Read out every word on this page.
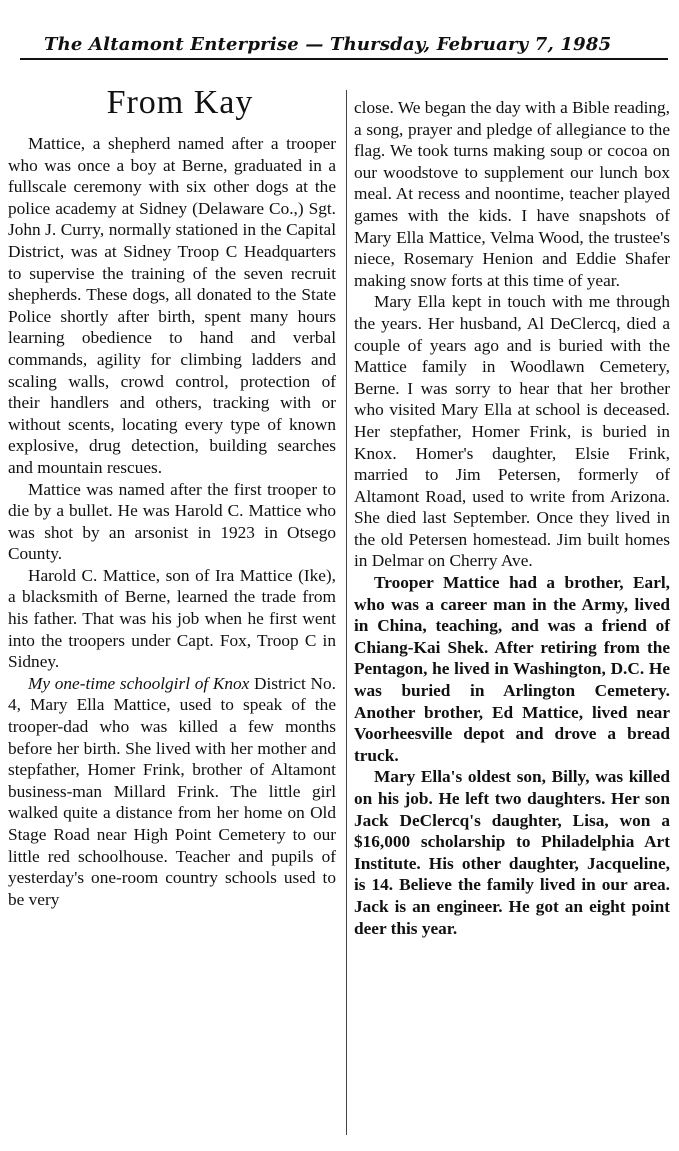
The Altamont Enterprise — Thursday, February 7, 1985
From Kay

Mattice, a shepherd named after a trooper who was once a boy at Berne, graduated in a fullscale ceremony with six other dogs at the police academy at Sidney (Delaware Co.,) Sgt. John J. Curry, normally stationed in the Capital District, was at Sidney Troop C Headquarters to supervise the training of the seven recruit shepherds. These dogs, all donated to the State Police shortly after birth, spent many hours learning obedience to hand and verbal commands, agility for climbing ladders and scaling walls, crowd control, protection of their handlers and others, tracking with or without scents, locating every type of known explosive, drug detection, building searches and mountain rescues.

Mattice was named after the first trooper to die by a bullet. He was Harold C. Mattice who was shot by an arsonist in 1923 in Otsego County.

Harold C. Mattice, son of Ira Mattice (Ike), a blacksmith of Berne, learned the trade from his father. That was his job when he first went into the troopers under Capt. Fox, Troop C in Sidney.

My one-time schoolgirl of Knox District No. 4, Mary Ella Mattice, used to speak of the trooper-dad who was killed a few months before her birth. She lived with her mother and stepfather, Homer Frink, brother of Altamont business-man Millard Frink. The little girl walked quite a distance from her home on Old Stage Road near High Point Cemetery to our little red schoolhouse. Teacher and pupils of yesterday's one-room country schools used to be very

close. We began the day with a Bible reading, a song, prayer and pledge of allegiance to the flag. We took turns making soup or cocoa on our woodstove to supplement our lunch box meal. At recess and noontime, teacher played games with the kids. I have snapshots of Mary Ella Mattice, Velma Wood, the trustee's niece, Rosemary Henion and Eddie Shafer making snow forts at this time of year.

Mary Ella kept in touch with me through the years. Her husband, Al DeClercq, died a couple of years ago and is buried with the Mattice family in Woodlawn Cemetery, Berne. I was sorry to hear that her brother who visited Mary Ella at school is deceased. Her stepfather, Homer Frink, is buried in Knox. Homer's daughter, Elsie Frink, married to Jim Petersen, formerly of Altamont Road, used to write from Arizona. She died last September. Once they lived in the old Petersen homestead. Jim built homes in Delmar on Cherry Ave.

Trooper Mattice had a brother, Earl, who was a career man in the Army, lived in China, teaching, and was a friend of Chiang-Kai Shek. After retiring from the Pentagon, he lived in Washington, D.C. He was buried in Arlington Cemetery. Another brother, Ed Mattice, lived near Voorheesville depot and drove a bread truck.

Mary Ella's oldest son, Billy, was killed on his job. He left two daughters. Her son Jack DeClercq's daughter, Lisa, won a $16,000 scholarship to Philadelphia Art Institute. His other daughter, Jacqueline, is 14. Believe the family lived in our area. Jack is an engineer. He got an eight point deer this year.
